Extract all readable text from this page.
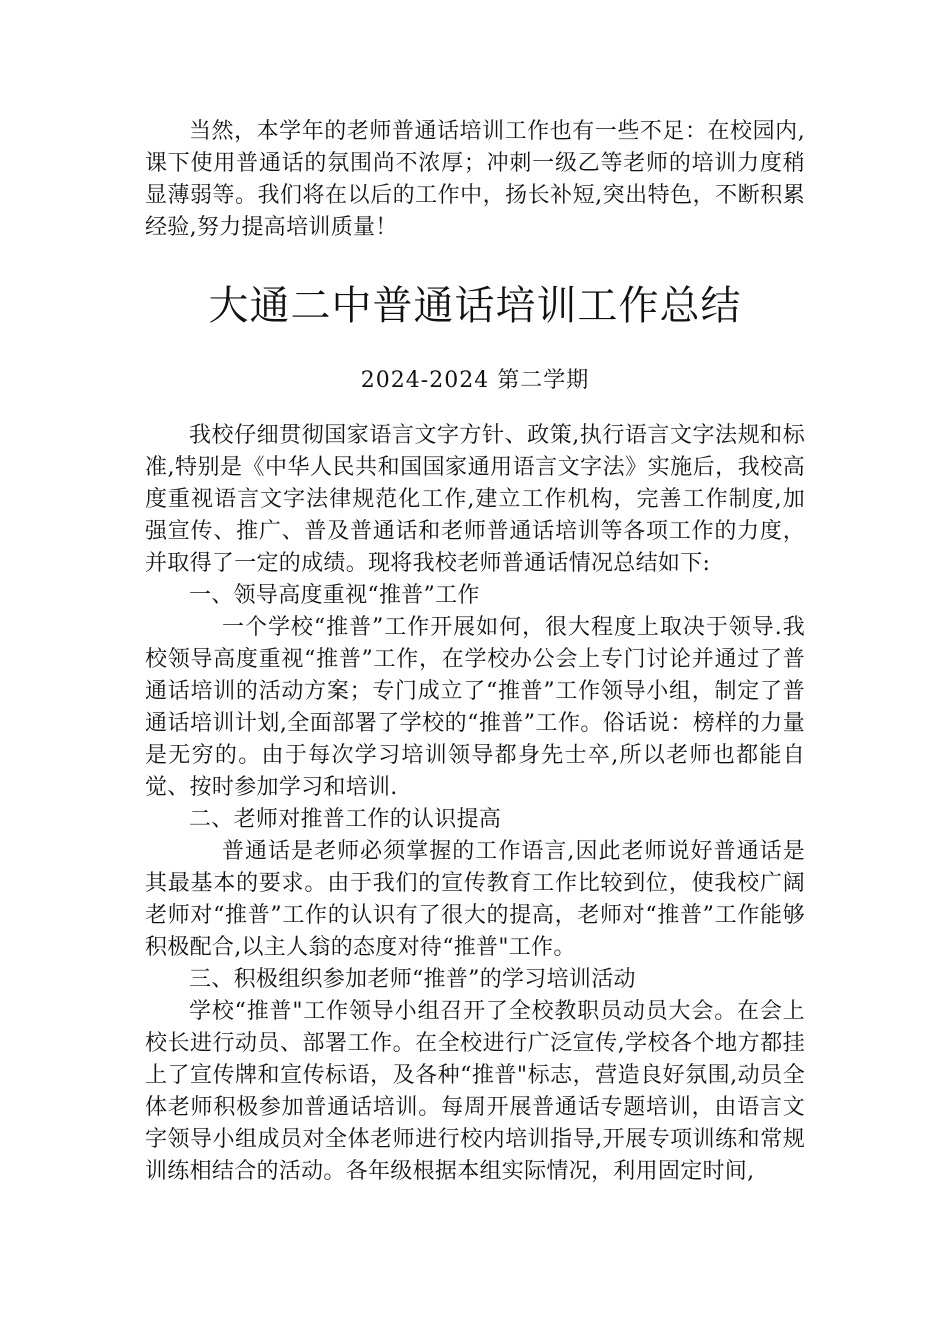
当然，本学年的老师普通话培训工作也有一些不足：在校园内,课下使用普通话的氛围尚不浓厚；冲刺一级乙等老师的培训力度稍显薄弱等。我们将在以后的工作中，扬长补短,突出特色，不断积累经验,努力提高培训质量！

大通二中普通话培训工作总结

2024-2024 第二学期

我校仔细贯彻国家语言文字方针、政策,执行语言文字法规和标准,特别是《中华人民共和国国家通用语言文字法》实施后，我校高度重视语言文字法律规范化工作,建立工作机构，完善工作制度,加强宣传、推广、普及普通话和老师普通话培训等各项工作的力度，并取得了一定的成绩。现将我校老师普通话情况总结如下:

一、领导高度重视“推普”工作

一个学校“推普”工作开展如何，很大程度上取决于领导.我校领导高度重视“推普”工作，在学校办公会上专门讨论并通过了普通话培训的活动方案；专门成立了“推普”工作领导小组，制定了普通话培训计划,全面部署了学校的“推普”工作。俗话说：榜样的力量是无穷的。由于每次学习培训领导都身先士卒,所以老师也都能自觉、按时参加学习和培训.

二、老师对推普工作的认识提高

普通话是老师必须掌握的工作语言,因此老师说好普通话是其最基本的要求。由于我们的宣传教育工作比较到位，使我校广阔老师对“推普”工作的认识有了很大的提高，老师对“推普”工作能够积极配合,以主人翁的态度对待“推普"工作。

三、积极组织参加老师“推普”的学习培训活动

学校“推普"工作领导小组召开了全校教职员动员大会。在会上校长进行动员、部署工作。在全校进行广泛宣传,学校各个地方都挂上了宣传牌和宣传标语，及各种“推普"标志，营造良好氛围,动员全体老师积极参加普通话培训。每周开展普通话专题培训，由语言文字领导小组成员对全体老师进行校内培训指导,开展专项训练和常规训练相结合的活动。各年级根据本组实际情况，利用固定时间,
